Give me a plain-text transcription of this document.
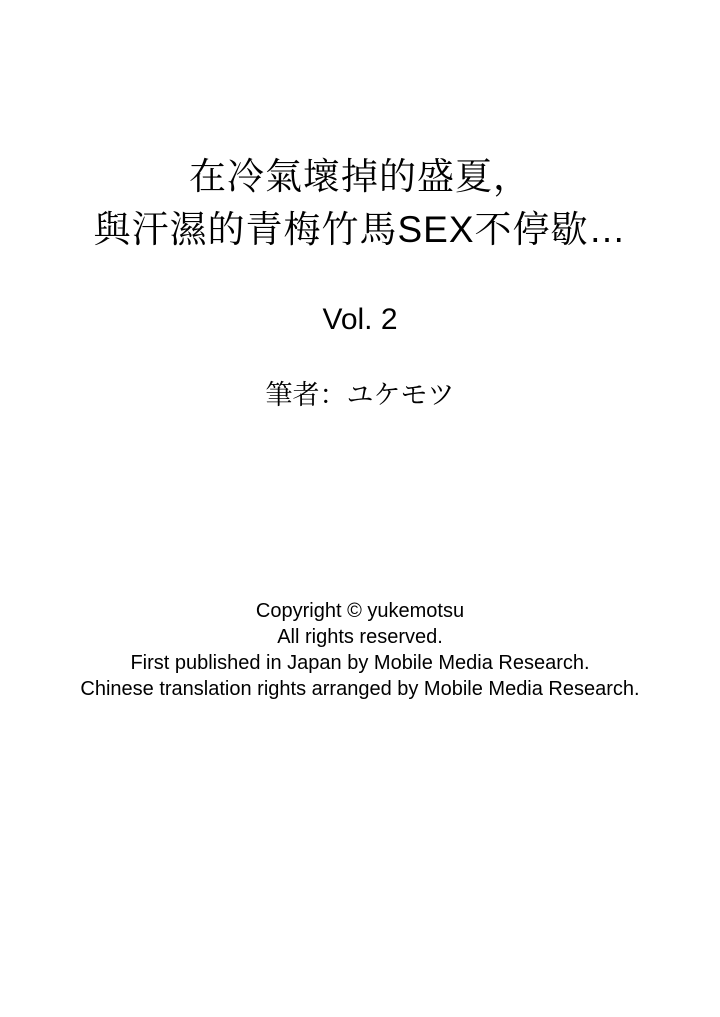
在冷氣壞掉的盛夏，
與汗濕的青梅竹馬SEX不停歇…
Vol. 2
筆者：ユケモツ
Copyright © yukemotsu
All rights reserved.
First published in Japan by Mobile Media Research.
Chinese translation rights arranged by Mobile Media Research.
